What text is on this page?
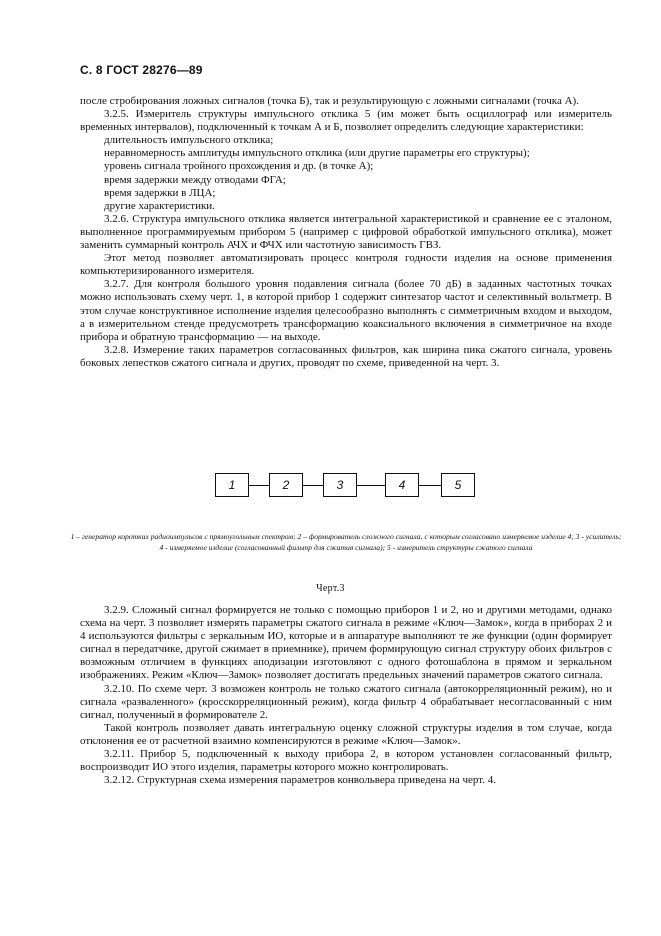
С. 8 ГОСТ 28276—89

после стробирования ложных сигналов (точка Б), так и результирующую с ложными сигналами (точка А).

3.2.5. Измеритель структуры импульсного отклика 5 (им может быть осциллограф или измеритель временных интервалов), подключенный к точкам А и Б, позволяет определить следующие характеристики:

длительность импульсного отклика;

неравномерность амплитуды импульсного отклика (или другие параметры его структуры);

уровень сигнала тройного прохождения и др. (в точке А);

время задержки между отводами ФГА;

время задержки в ЛЦА;

другие характеристики.

3.2.6. Структура импульсного отклика является интегральной характеристикой и сравнение ее с эталоном, выполненное программируемым прибором 5 (например с цифровой обработкой импульсного отклика), может заменить суммарный контроль АЧХ и ФЧХ или частотную зависимость ГВЗ.

Этот метод позволяет автоматизировать процесс контроля годности изделия на основе применения компьютеризированного измерителя.

3.2.7. Для контроля большого уровня подавления сигнала (более 70 дБ) в заданных частотных точках можно использовать схему черт. 1, в которой прибор 1 содержит синтезатор частот и селективный вольтметр. В этом случае конструктивное исполнение изделия целесообразно выполнять с симметричным входом и выходом, а в измерительном стенде предусмотреть трансформацию коаксиального включения в симметричное на входе прибора и обратную трансформацию — на выходе.

3.2.8. Измерение таких параметров согласованных фильтров, как ширина пика сжатого сигнала, уровень боковых лепестков сжатого сигнала и других, проводят по схеме, приведенной на черт. 3.

1	2	3	4	5
1 – генератор коротких радиоимпульсов с прямоугольным спектром; 2 – формирователь сложного сигнала, с которым согласовано измеряемое изделие 4; 3 - усилитель; 4 - измеряемое изделие (согласованный фильтр для сжатия сигнала); 5 - измеритель структуры сжатого сигнала
Черт.3

3.2.9. Сложный сигнал формируется не только с помощью приборов 1 и 2, но и другими методами, однако схема на черт. 3 позволяет измерять параметры сжатого сигнала в режиме «Ключ—Замок», когда в приборах 2 и 4 используются фильтры с зеркальным ИО, которые и в аппаратуре выполняют те же функции (один формирует сигнал в передатчике, другой сжимает в приемнике), причем формирующую сигнал структуру обоих фильтров с возможным отличием в функциях аподизации изготовляют с одного фотошаблона в прямом и зеркальном изображениях. Режим «Ключ—Замок» позволяет достигать предельных значений параметров сжатого сигнала.

3.2.10. По схеме черт. 3 возможен контроль не только сжатого сигнала (автокорреляционный режим), но и сигнала «разваленного» (кросскорреляционный режим), когда фильтр 4 обрабатывает несогласованный с ним сигнал, полученный в формирователе 2.

Такой контроль позволяет давать интегральную оценку сложной структуры изделия в том случае, когда отклонения ее от расчетной взаимно компенсируются в режиме «Ключ—Замок».

3.2.11. Прибор 5, подключенный к выходу прибора 2, в котором установлен согласованный фильтр, воспроизводит ИО этого изделия, параметры которого можно контролировать.

3.2.12. Структурная схема измерения параметров конвольвера приведена на черт. 4.
